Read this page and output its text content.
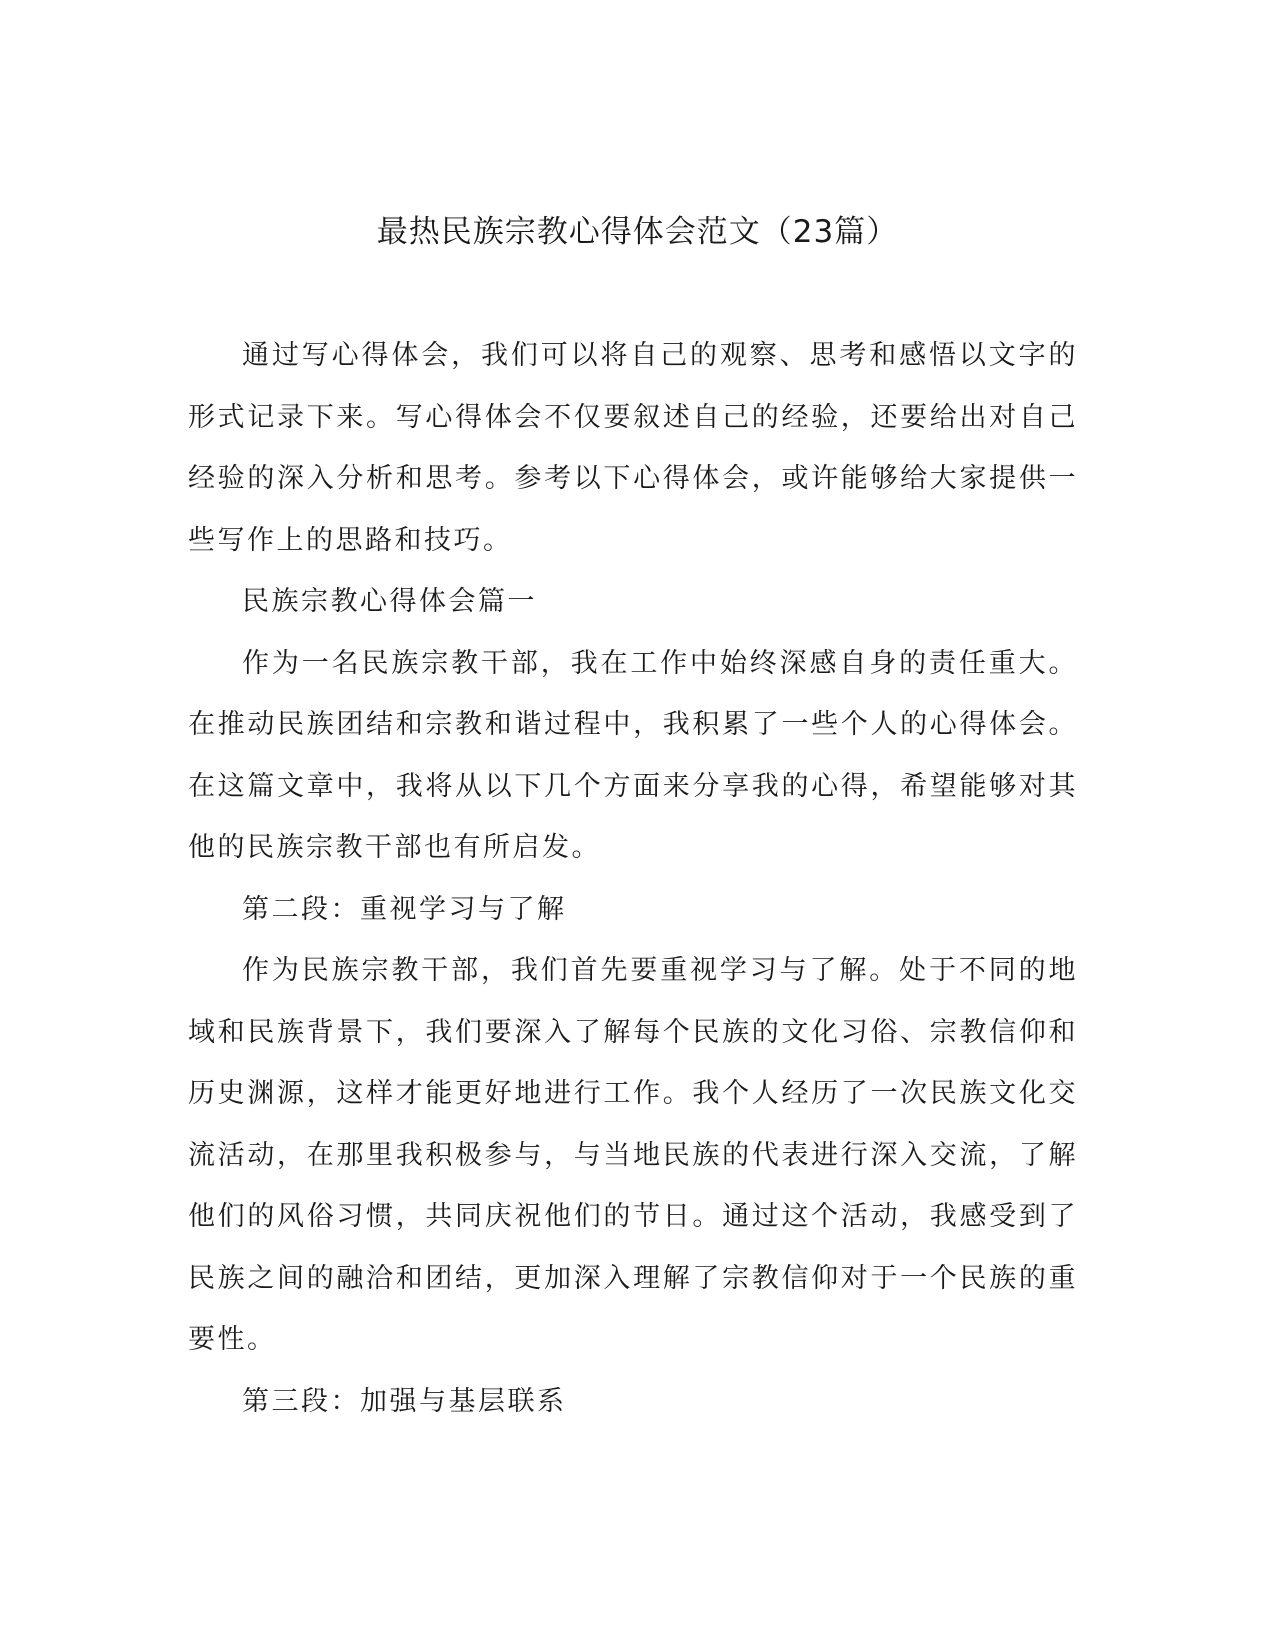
最热民族宗教心得体会范文（23篇）

通过写心得体会，我们可以将自己的观察、思考和感悟以文字的形式记录下来。写心得体会不仅要叙述自己的经验，还要给出对自己经验的深入分析和思考。参考以下心得体会，或许能够给大家提供一些写作上的思路和技巧。

民族宗教心得体会篇一

作为一名民族宗教干部，我在工作中始终深感自身的责任重大。在推动民族团结和宗教和谐过程中，我积累了一些个人的心得体会。在这篇文章中，我将从以下几个方面来分享我的心得，希望能够对其他的民族宗教干部也有所启发。

第二段：重视学习与了解

作为民族宗教干部，我们首先要重视学习与了解。处于不同的地域和民族背景下，我们要深入了解每个民族的文化习俗、宗教信仰和历史渊源，这样才能更好地进行工作。我个人经历了一次民族文化交流活动，在那里我积极参与，与当地民族的代表进行深入交流，了解他们的风俗习惯，共同庆祝他们的节日。通过这个活动，我感受到了民族之间的融洽和团结，更加深入理解了宗教信仰对于一个民族的重要性。

第三段：加强与基层联系
